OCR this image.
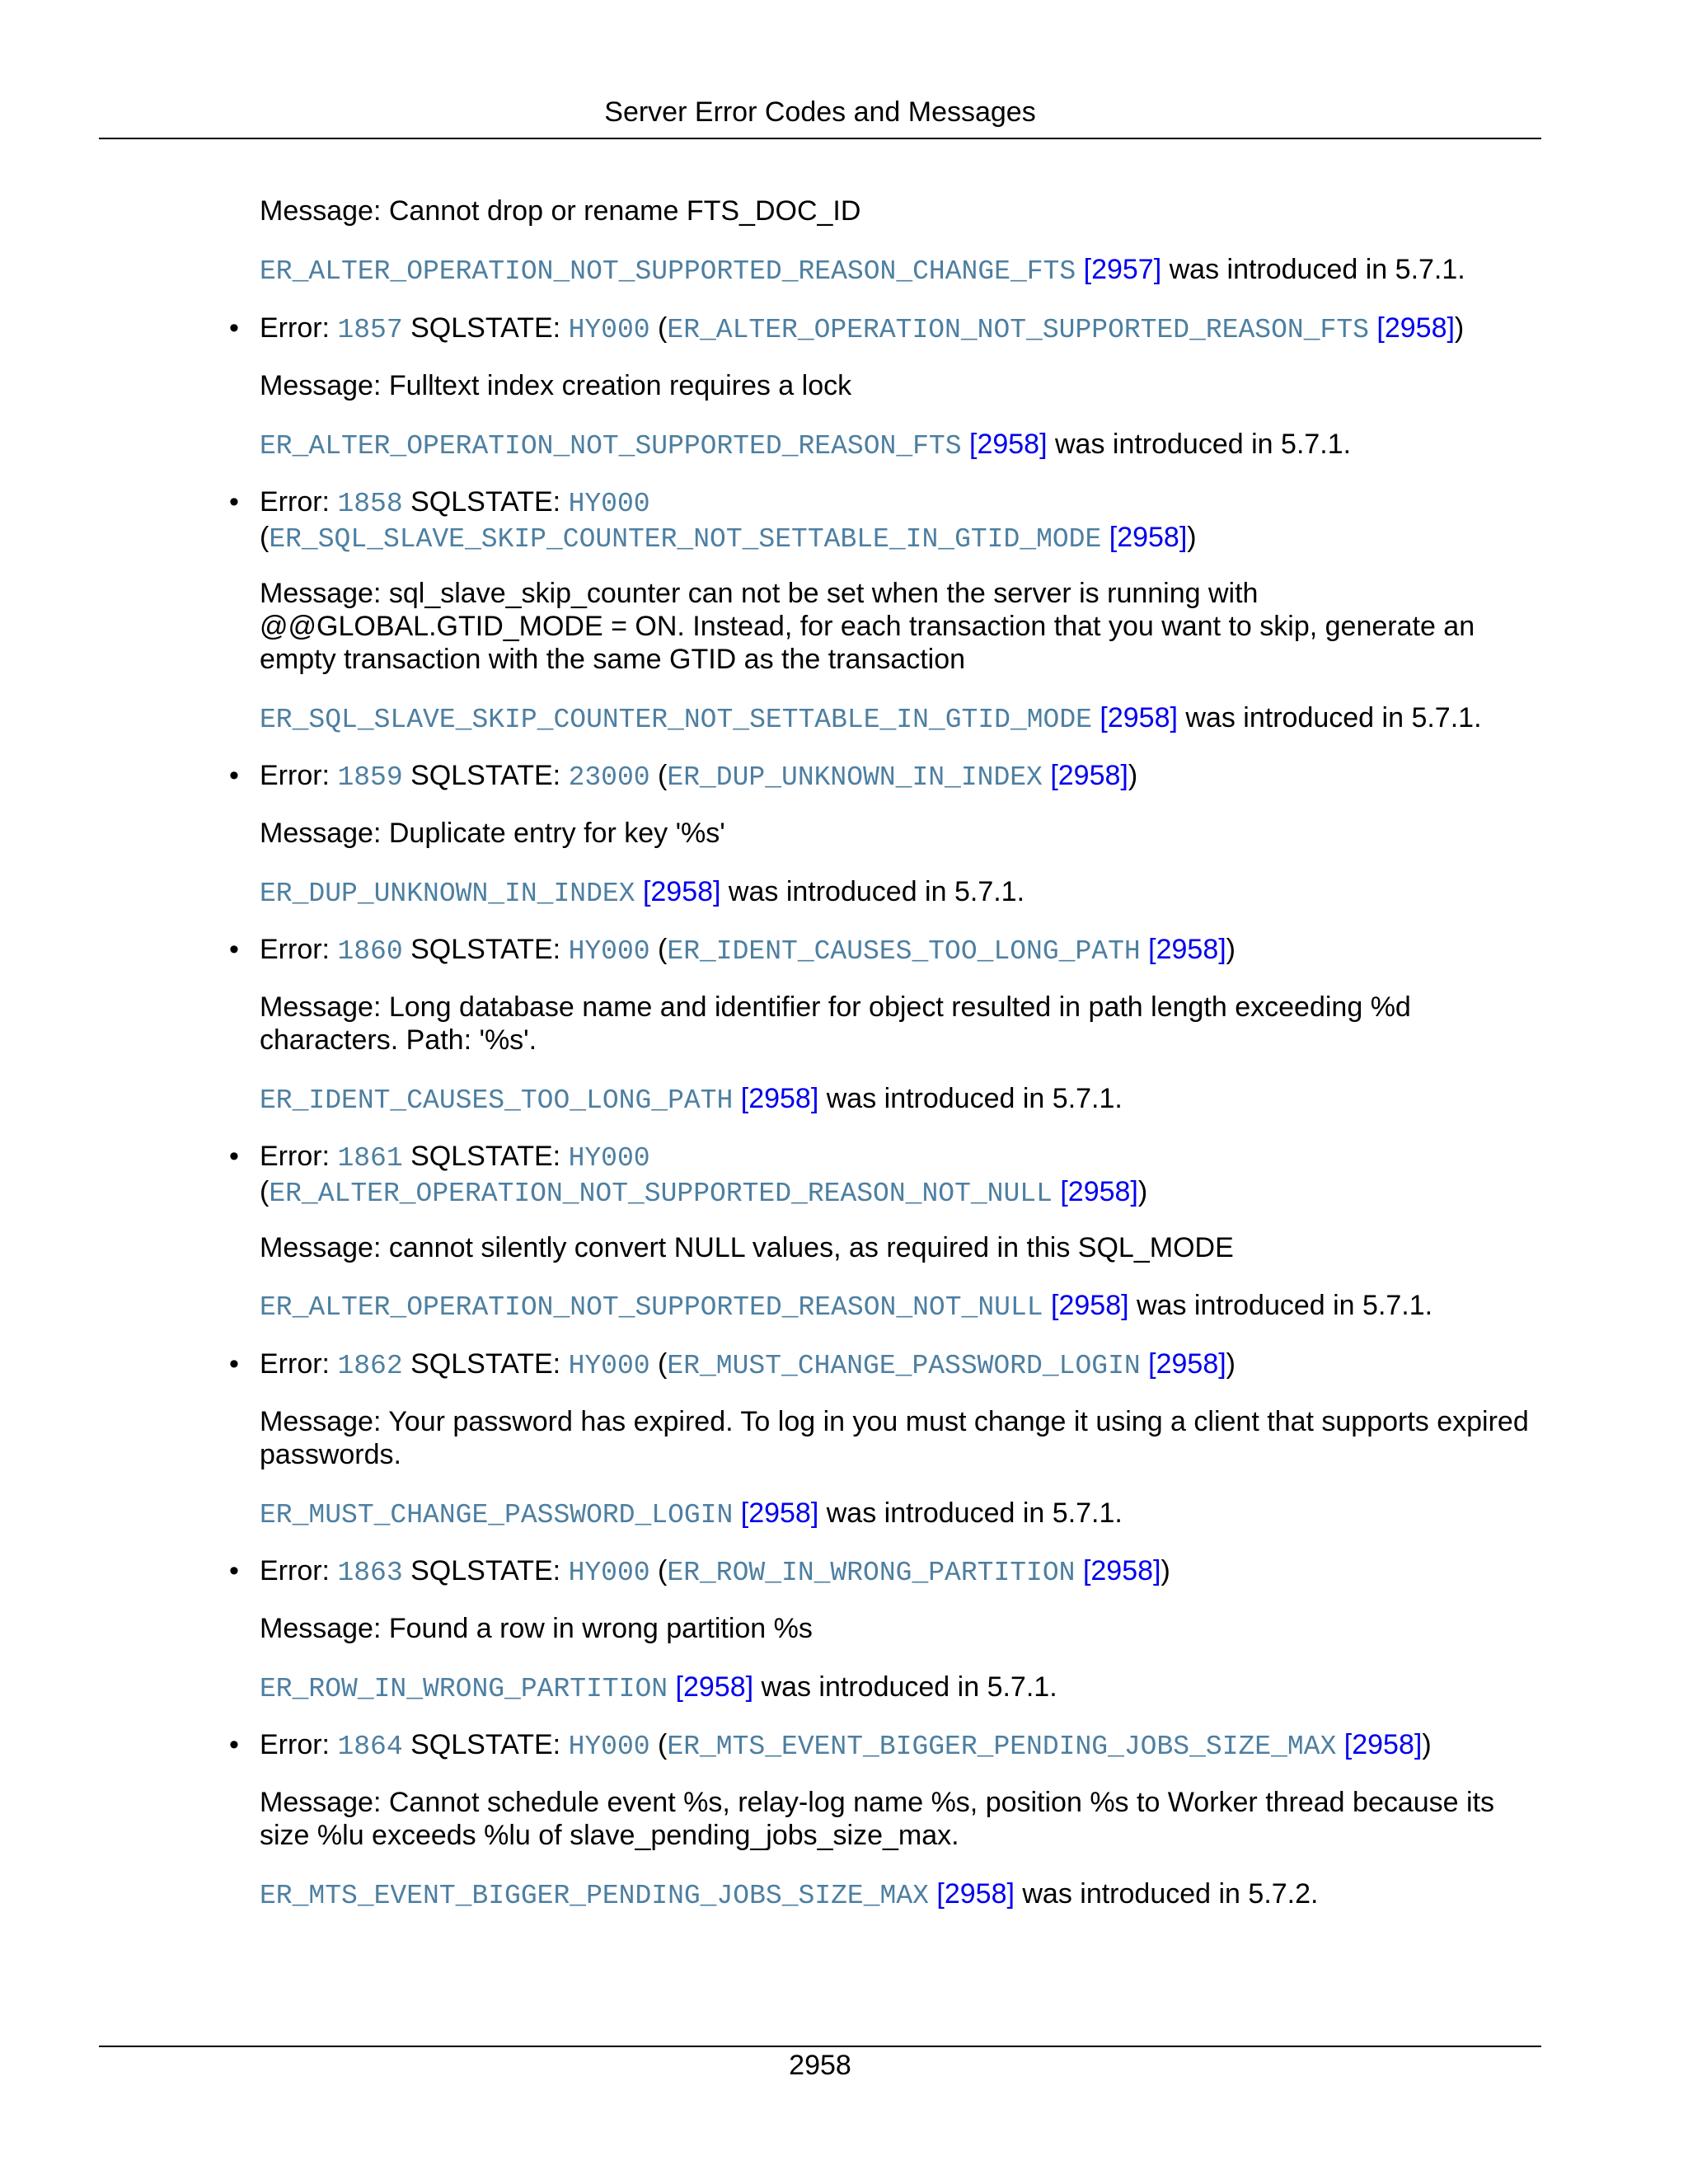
Server Error Codes and Messages

Message: Cannot drop or rename FTS_DOC_ID

ER_ALTER_OPERATION_NOT_SUPPORTED_REASON_CHANGE_FTS [2957] was introduced in 5.7.1.

• Error: 1857 SQLSTATE: HY000 (ER_ALTER_OPERATION_NOT_SUPPORTED_REASON_FTS [2958])

Message: Fulltext index creation requires a lock

ER_ALTER_OPERATION_NOT_SUPPORTED_REASON_FTS [2958] was introduced in 5.7.1.

• Error: 1858 SQLSTATE: HY000
(ER_SQL_SLAVE_SKIP_COUNTER_NOT_SETTABLE_IN_GTID_MODE [2958])

Message: sql_slave_skip_counter can not be set when the server is running with @@GLOBAL.GTID_MODE = ON. Instead, for each transaction that you want to skip, generate an empty transaction with the same GTID as the transaction

ER_SQL_SLAVE_SKIP_COUNTER_NOT_SETTABLE_IN_GTID_MODE [2958] was introduced in 5.7.1.

• Error: 1859 SQLSTATE: 23000 (ER_DUP_UNKNOWN_IN_INDEX [2958])

Message: Duplicate entry for key '%s'

ER_DUP_UNKNOWN_IN_INDEX [2958] was introduced in 5.7.1.

• Error: 1860 SQLSTATE: HY000 (ER_IDENT_CAUSES_TOO_LONG_PATH [2958])

Message: Long database name and identifier for object resulted in path length exceeding %d characters. Path: '%s'.

ER_IDENT_CAUSES_TOO_LONG_PATH [2958] was introduced in 5.7.1.

• Error: 1861 SQLSTATE: HY000
(ER_ALTER_OPERATION_NOT_SUPPORTED_REASON_NOT_NULL [2958])

Message: cannot silently convert NULL values, as required in this SQL_MODE

ER_ALTER_OPERATION_NOT_SUPPORTED_REASON_NOT_NULL [2958] was introduced in 5.7.1.

• Error: 1862 SQLSTATE: HY000 (ER_MUST_CHANGE_PASSWORD_LOGIN [2958])

Message: Your password has expired. To log in you must change it using a client that supports expired passwords.

ER_MUST_CHANGE_PASSWORD_LOGIN [2958] was introduced in 5.7.1.

• Error: 1863 SQLSTATE: HY000 (ER_ROW_IN_WRONG_PARTITION [2958])

Message: Found a row in wrong partition %s

ER_ROW_IN_WRONG_PARTITION [2958] was introduced in 5.7.1.

• Error: 1864 SQLSTATE: HY000 (ER_MTS_EVENT_BIGGER_PENDING_JOBS_SIZE_MAX [2958])

Message: Cannot schedule event %s, relay-log name %s, position %s to Worker thread because its size %lu exceeds %lu of slave_pending_jobs_size_max.

ER_MTS_EVENT_BIGGER_PENDING_JOBS_SIZE_MAX [2958] was introduced in 5.7.2.

2958
